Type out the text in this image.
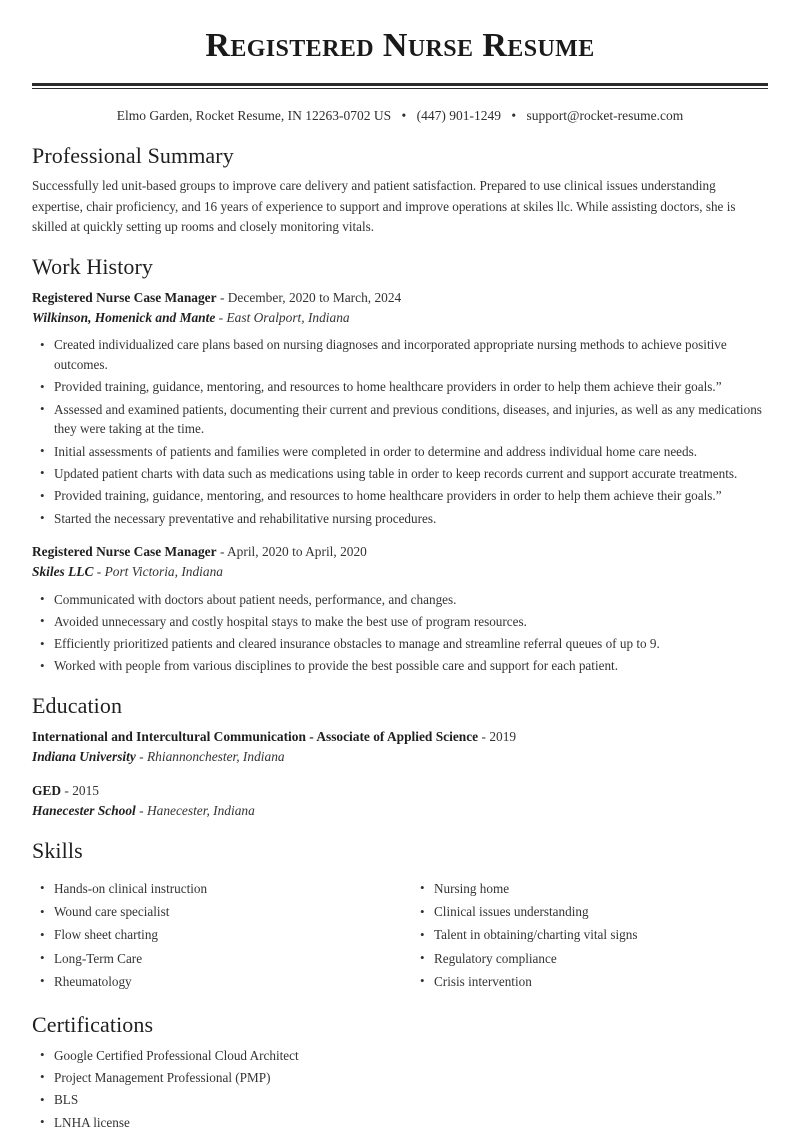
Registered Nurse Resume
Elmo Garden, Rocket Resume, IN 12263-0702 US • (447) 901-1249 • support@rocket-resume.com
Professional Summary

Successfully led unit-based groups to improve care delivery and patient satisfaction. Prepared to use clinical issues understanding expertise, chair proficiency, and 16 years of experience to support and improve operations at skiles llc. While assisting doctors, she is skilled at quickly setting up rooms and closely monitoring vitals.

Work History
Registered Nurse Case Manager - December, 2020 to March, 2024
Wilkinson, Homenick and Mante - East Oralport, Indiana
• Created individualized care plans based on nursing diagnoses and incorporated appropriate nursing methods to achieve positive outcomes.
• Provided training, guidance, mentoring, and resources to home healthcare providers in order to help them achieve their goals.”
• Assessed and examined patients, documenting their current and previous conditions, diseases, and injuries, as well as any medications they were taking at the time.
• Initial assessments of patients and families were completed in order to determine and address individual home care needs.
• Updated patient charts with data such as medications using table in order to keep records current and support accurate treatments.
• Provided training, guidance, mentoring, and resources to home healthcare providers in order to help them achieve their goals.”
• Started the necessary preventative and rehabilitative nursing procedures.
Registered Nurse Case Manager - April, 2020 to April, 2020
Skiles LLC - Port Victoria, Indiana
• Communicated with doctors about patient needs, performance, and changes.
• Avoided unnecessary and costly hospital stays to make the best use of program resources.
• Efficiently prioritized patients and cleared insurance obstacles to manage and streamline referral queues of up to 9.
• Worked with people from various disciplines to provide the best possible care and support for each patient.
Education
International and Intercultural Communication - Associate of Applied Science - 2019
Indiana University - Rhiannonchester, Indiana
GED - 2015
Hanecester School - Hanecester, Indiana
Skills
• Hands-on clinical instruction
• Wound care specialist
• Flow sheet charting
• Long-Term Care
• Rheumatology
• Nursing home
• Clinical issues understanding
• Talent in obtaining/charting vital signs
• Regulatory compliance
• Crisis intervention
Certifications
• Google Certified Professional Cloud Architect
• Project Management Professional (PMP)
• BLS
• LNHA license
